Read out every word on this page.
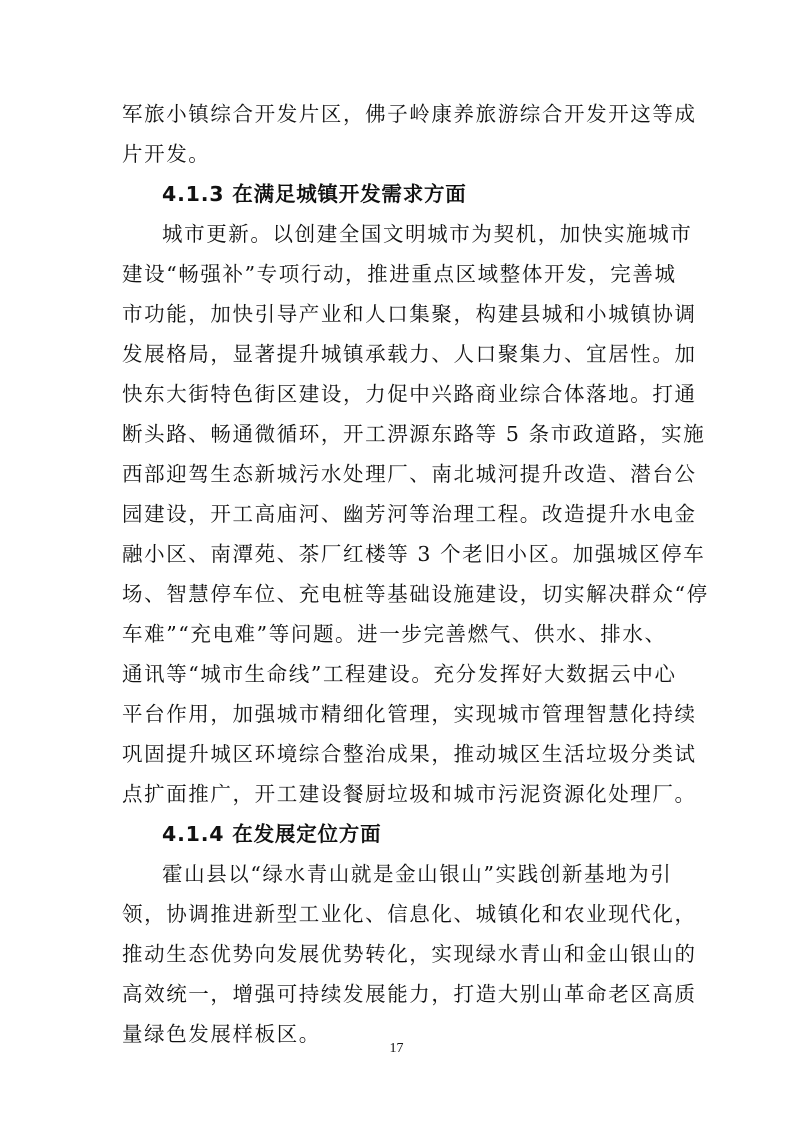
军旅小镇综合开发片区，佛子岭康养旅游综合开发开这等成
片开发。
4.1.3 在满足城镇开发需求方面
城市更新。以创建全国文明城市为契机，加快实施城市
建设“畅强补”专项行动，推进重点区域整体开发，完善城
市功能，加快引导产业和人口集聚，构建县城和小城镇协调
发展格局，显著提升城镇承载力、人口聚集力、宜居性。加
快东大街特色街区建设，力促中兴路商业综合体落地。打通
断头路、畅通微循环，开工淠源东路等 5 条市政道路，实施
西部迎驾生态新城污水处理厂、南北城河提升改造、潜台公
园建设，开工高庙河、幽芳河等治理工程。改造提升水电金
融小区、南潭苑、茶厂红楼等 3 个老旧小区。加强城区停车
场、智慧停车位、充电桩等基础设施建设，切实解决群众“停
车难”“充电难”等问题。进一步完善燃气、供水、排水、
通讯等“城市生命线”工程建设。充分发挥好大数据云中心
平台作用，加强城市精细化管理，实现城市管理智慧化持续
巩固提升城区环境综合整治成果，推动城区生活垃圾分类试
点扩面推广，开工建设餐厨垃圾和城市污泥资源化处理厂。
4.1.4 在发展定位方面
霍山县以“绿水青山就是金山银山”实践创新基地为引
领，协调推进新型工业化、信息化、城镇化和农业现代化，
推动生态优势向发展优势转化，实现绿水青山和金山银山的
高效统一，增强可持续发展能力，打造大别山革命老区高质
量绿色发展样板区。
17
